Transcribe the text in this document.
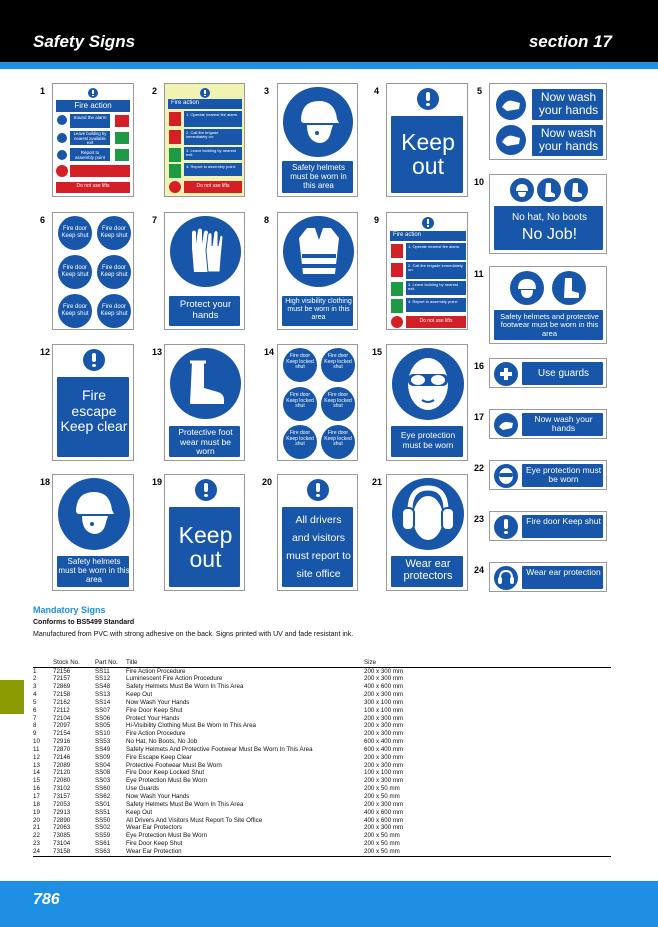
Safety Signs	section 17
1
Fire action
Sound the alarm
Leave building by nearest available exit
Report to assembly point
Do not use lifts
2
Fire action
1. Operate nearest fire alarm.
2. Call fire brigade immediately on:
3. Leave building by nearest exit.
4. Report to assembly point:
Do not use lifts
3
Safety helmets must be worn in this area
4
Keep out
5	Now wash your hands
Now wash your hands
10
No hat, No boots
No Job!
6
Fire door Keep shut
Fire door Keep shut
Fire door Keep shut
Fire door Keep shut
Fire door Keep shut
Fire door Keep shut
7
Protect your hands
8
High visibility clothing must be worn in this area
9
Fire action
1. Operate nearest fire alarm.
2. Call fire brigade immediately on:
3. Leave building by nearest exit.
4. Report to assembly point:
Do not use lifts
11
Safety helmets and protective footwear must be worn in this area
12
Fire escape Keep clear
13
Protective foot wear must be worn
14	Fire door Keep locked shut
Fire door Keep locked shut
Fire door Keep locked shut
Fire door Keep locked shut
Fire door Keep locked shut
Fire door Keep locked shut
15
Eye protection must be worn
16
Use guards
17	Now wash your hands
22	Eye protection must be worn
18
Safety helmets must be worn in this area
19
Keep out
20
All drivers and visitors must report to site office
21
Wear ear protectors
23	Fire door Keep shut
24	Wear ear protection
Mandatory Signs
Conforms to BS5499 Standard
Manufactured from PVC with strong adhesive on the back. Signs printed with UV and fade resistant ink.
	Stock No.	Part No.	Title	Size
1	72156	SS11	Fire Action Procedure	200 x 300 mm
2	72157	SS12	Luminescent Fire Action Procedure	200 x 300 mm
3	72869	SS48	Safety Helmets Must Be Worn In This Area	400 x 600 mm
4	72158	SS13	Keep Out	200 x 300 mm
5	72162	SS14	Now Wash Your Hands	300 x 100 mm
6	72112	SS07	Fire Door Keep Shut	100 x 100 mm
7	72104	SS06	Protect Your Hands	200 x 300 mm
8	72097	SS05	Hi-Visibility Clothing Must Be Worn In This Area	200 x 300 mm
9	72154	SS10	Fire Action Procedure	200 x 300 mm
10	72916	SS53	No Hat, No Boots, No Job	600 x 400 mm
11	72870	SS49	Safety Helmets And Protective Footwear Must Be Worn In This Area	600 x 400 mm
12	72146	SS09	Fire Escape Keep Clear	200 x 300 mm
13	72089	SS04	Protective Footwear Must Be Worn	200 x 300 mm
14	72120	SS08	Fire Door Keep Locked Shut	100 x 100 mm
15	72080	SS03	Eye Protection Must Be Worn	200 x 300 mm
16	73102	SS60	Use Guards	200 x 50 mm
17	73157	SS62	Now Wash Your Hands	200 x 50 mm
18	72053	SS01	Safety Helmets Must Be Worn In This Area	200 x 300 mm
19	72913	SS51	Keep Out	400 x 600 mm
20	72890	SS50	All Drivers And Visitors Must Report To Site Office	400 x 600 mm
21	72063	SS02	Wear Ear Protectors	200 x 300 mm
22	73085	SS59	Eye Protection Must Be Worn	200 x 50 mm
23	73104	SS61	Fire Door Keep Shut	200 x 50 mm
24	73158	SS63	Wear Ear Protection	200 x 50 mm
786
